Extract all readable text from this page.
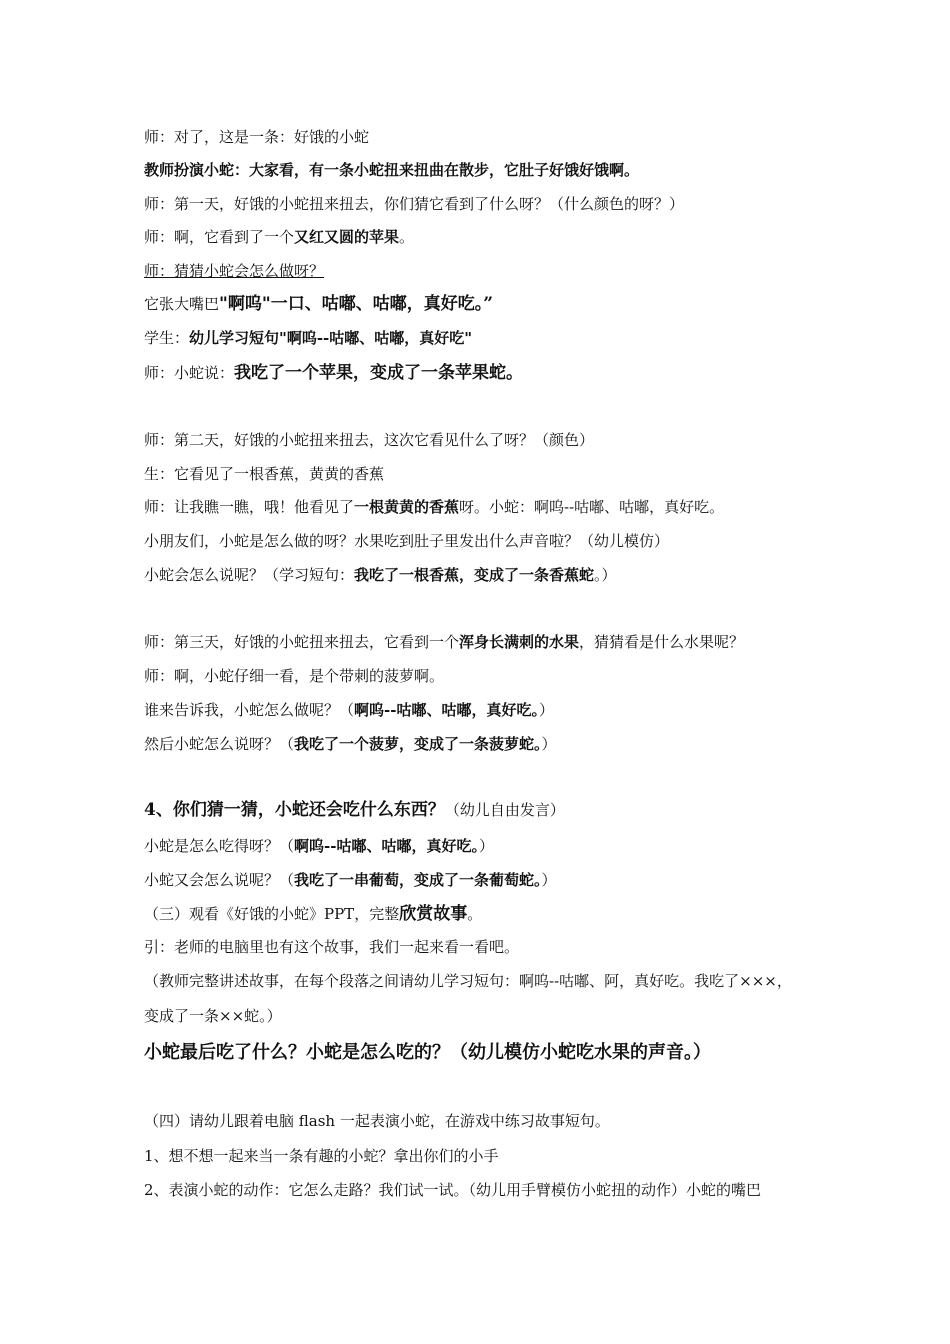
师：对了，这是一条：好饿的小蛇
教师扮演小蛇：大家看，有一条小蛇扭来扭曲在散步，它肚子好饿好饿啊。
师：第一天，好饿的小蛇扭来扭去，你们猜它看到了什么呀？（什么颜色的呀？）
师：啊，它看到了一个又红又圆的苹果。
师：猜猜小蛇会怎么做呀？
它张大嘴巴"啊呜"一口、咕嘟、咕嘟，真好吃。”
学生：幼儿学习短句"啊呜--咕嘟、咕嘟，真好吃"
师：小蛇说：我吃了一个苹果，变成了一条苹果蛇。
师：第二天，好饿的小蛇扭来扭去，这次它看见什么了呀？（颜色）
生：它看见了一根香蕉，黄黄的香蕉
师：让我瞧一瞧，哦！他看见了一根黄黄的香蕉呀。小蛇：啊呜--咕嘟、咕嘟，真好吃。
小朋友们，小蛇是怎么做的呀？水果吃到肚子里发出什么声音啦？（幼儿模仿）
小蛇会怎么说呢？（学习短句：我吃了一根香蕉，变成了一条香蕉蛇。）
师：第三天，好饿的小蛇扭来扭去，它看到一个浑身长满刺的水果，猜猜看是什么水果呢？
师：啊，小蛇仔细一看，是个带刺的菠萝啊。
谁来告诉我，小蛇怎么做呢？（啊呜--咕嘟、咕嘟，真好吃。）
然后小蛇怎么说呀？（我吃了一个菠萝，变成了一条菠萝蛇。）
4、你们猜一猜，小蛇还会吃什么东西？（幼儿自由发言）
小蛇是怎么吃得呀？（啊呜--咕嘟、咕嘟，真好吃。）
小蛇又会怎么说呢？（我吃了一串葡萄，变成了一条葡萄蛇。）
（三）观看《好饿的小蛇》PPT，完整欣赏故事。
引：老师的电脑里也有这个故事，我们一起来看一看吧。
（教师完整讲述故事，在每个段落之间请幼儿学习短句：啊呜--咕嘟、阿，真好吃。我吃了×××，
变成了一条××蛇。）
小蛇最后吃了什么？小蛇是怎么吃的？（幼儿模仿小蛇吃水果的声音。）
（四）请幼儿跟着电脑 flash 一起表演小蛇，在游戏中练习故事短句。
1、想不想一起来当一条有趣的小蛇？拿出你们的小手
2、表演小蛇的动作：它怎么走路？我们试一试。（幼儿用手臂模仿小蛇扭的动作）小蛇的嘴巴
